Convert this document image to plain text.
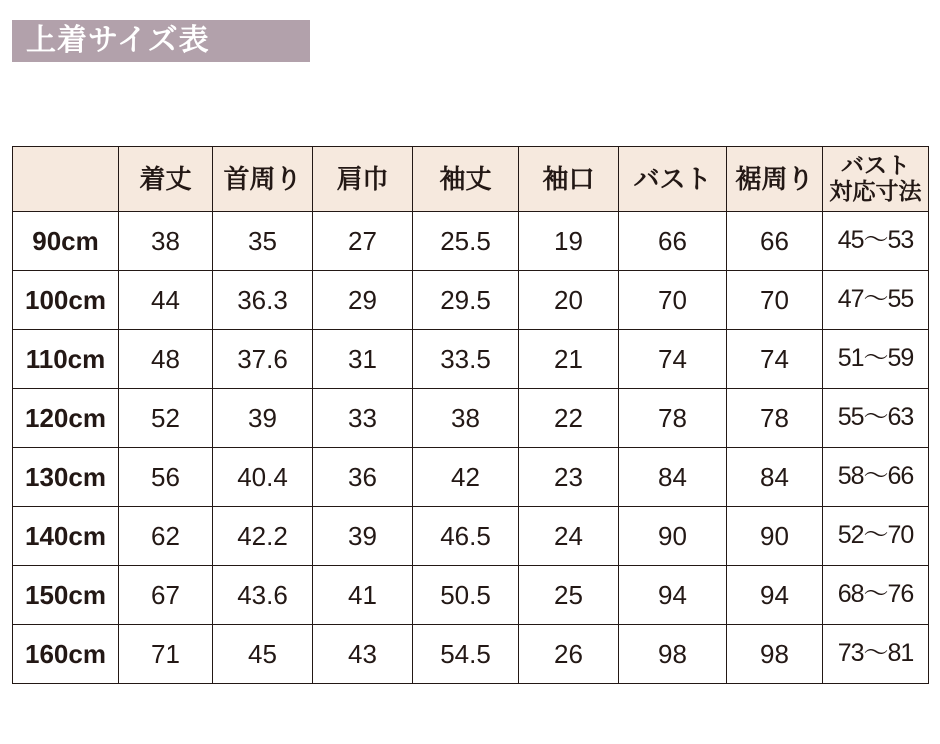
上着サイズ表
	着丈	首周り	肩巾	袖丈	袖口	バスト	裾周り	バスト
対応寸法

90cm	38	35	27	25.5	19	66	66	45〜53
100cm	44	36.3	29	29.5	20	70	70	47〜55
110cm	48	37.6	31	33.5	21	74	74	51〜59
120cm	52	39	33	38	22	78	78	55〜63
130cm	56	40.4	36	42	23	84	84	58〜66
140cm	62	42.2	39	46.5	24	90	90	52〜70
150cm	67	43.6	41	50.5	25	94	94	68〜76
160cm	71	45	43	54.5	26	98	98	73〜81
